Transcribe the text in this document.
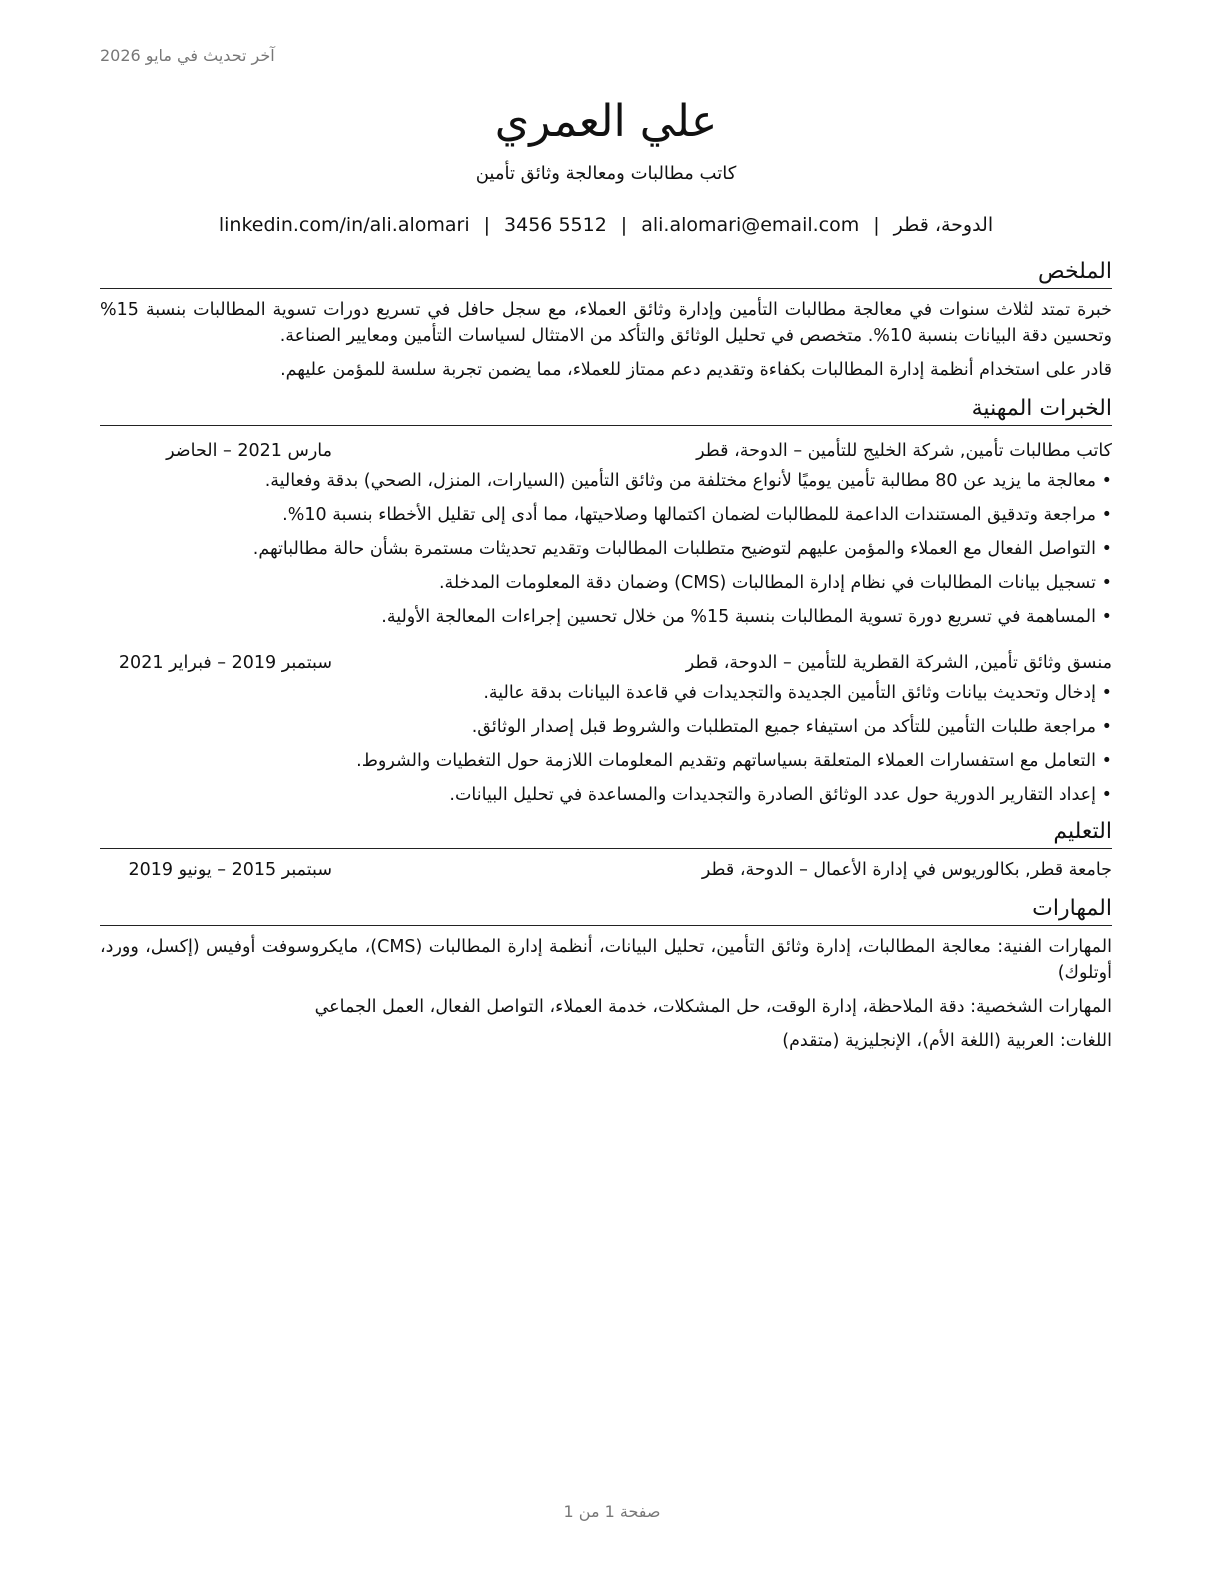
آخر تحديث في مايو 2026
علي العمري
كاتب مطالبات ومعالجة وثائق تأمين
الدوحة، قطر|ali.alomari@email.com|3456 5512|linkedin.com/in/ali.alomari
الملخص
خبرة تمتد لثلاث سنوات في معالجة مطالبات التأمين وإدارة وثائق العملاء، مع سجل حافل في تسريع دورات تسوية المطالبات بنسبة 15% وتحسين دقة البيانات بنسبة 10%. متخصص في تحليل الوثائق والتأكد من الامتثال لسياسات التأمين ومعايير الصناعة.
قادر على استخدام أنظمة إدارة المطالبات بكفاءة وتقديم دعم ممتاز للعملاء، مما يضمن تجربة سلسة للمؤمن عليهم.
الخبرات المهنية
كاتب مطالبات تأمين, شركة الخليج للتأمين – الدوحة، قطر
مارس 2021 – الحاضر
•
معالجة ما يزيد عن 80 مطالبة تأمين يوميًا لأنواع مختلفة من وثائق التأمين (السيارات، المنزل، الصحي) بدقة وفعالية.
•
مراجعة وتدقيق المستندات الداعمة للمطالبات لضمان اكتمالها وصلاحيتها، مما أدى إلى تقليل الأخطاء بنسبة 10%.
•
التواصل الفعال مع العملاء والمؤمن عليهم لتوضيح متطلبات المطالبات وتقديم تحديثات مستمرة بشأن حالة مطالباتهم.
•
تسجيل بيانات المطالبات في نظام إدارة المطالبات (CMS) وضمان دقة المعلومات المدخلة.
•
المساهمة في تسريع دورة تسوية المطالبات بنسبة 15% من خلال تحسين إجراءات المعالجة الأولية.
منسق وثائق تأمين, الشركة القطرية للتأمين – الدوحة، قطر
سبتمبر 2019 – فبراير 2021
•
إدخال وتحديث بيانات وثائق التأمين الجديدة والتجديدات في قاعدة البيانات بدقة عالية.
•
مراجعة طلبات التأمين للتأكد من استيفاء جميع المتطلبات والشروط قبل إصدار الوثائق.
•
التعامل مع استفسارات العملاء المتعلقة بسياساتهم وتقديم المعلومات اللازمة حول التغطيات والشروط.
•
إعداد التقارير الدورية حول عدد الوثائق الصادرة والتجديدات والمساعدة في تحليل البيانات.
التعليم
جامعة قطر, بكالوريوس في إدارة الأعمال – الدوحة، قطر
سبتمبر 2015 – يونيو 2019
المهارات
المهارات الفنية: معالجة المطالبات، إدارة وثائق التأمين، تحليل البيانات، أنظمة إدارة المطالبات (CMS)، مايكروسوفت أوفيس (إكسل، وورد، أوتلوك)
المهارات الشخصية: دقة الملاحظة، إدارة الوقت، حل المشكلات، خدمة العملاء، التواصل الفعال، العمل الجماعي
اللغات: العربية (اللغة الأم)، الإنجليزية (متقدم)
صفحة 1 من 1
